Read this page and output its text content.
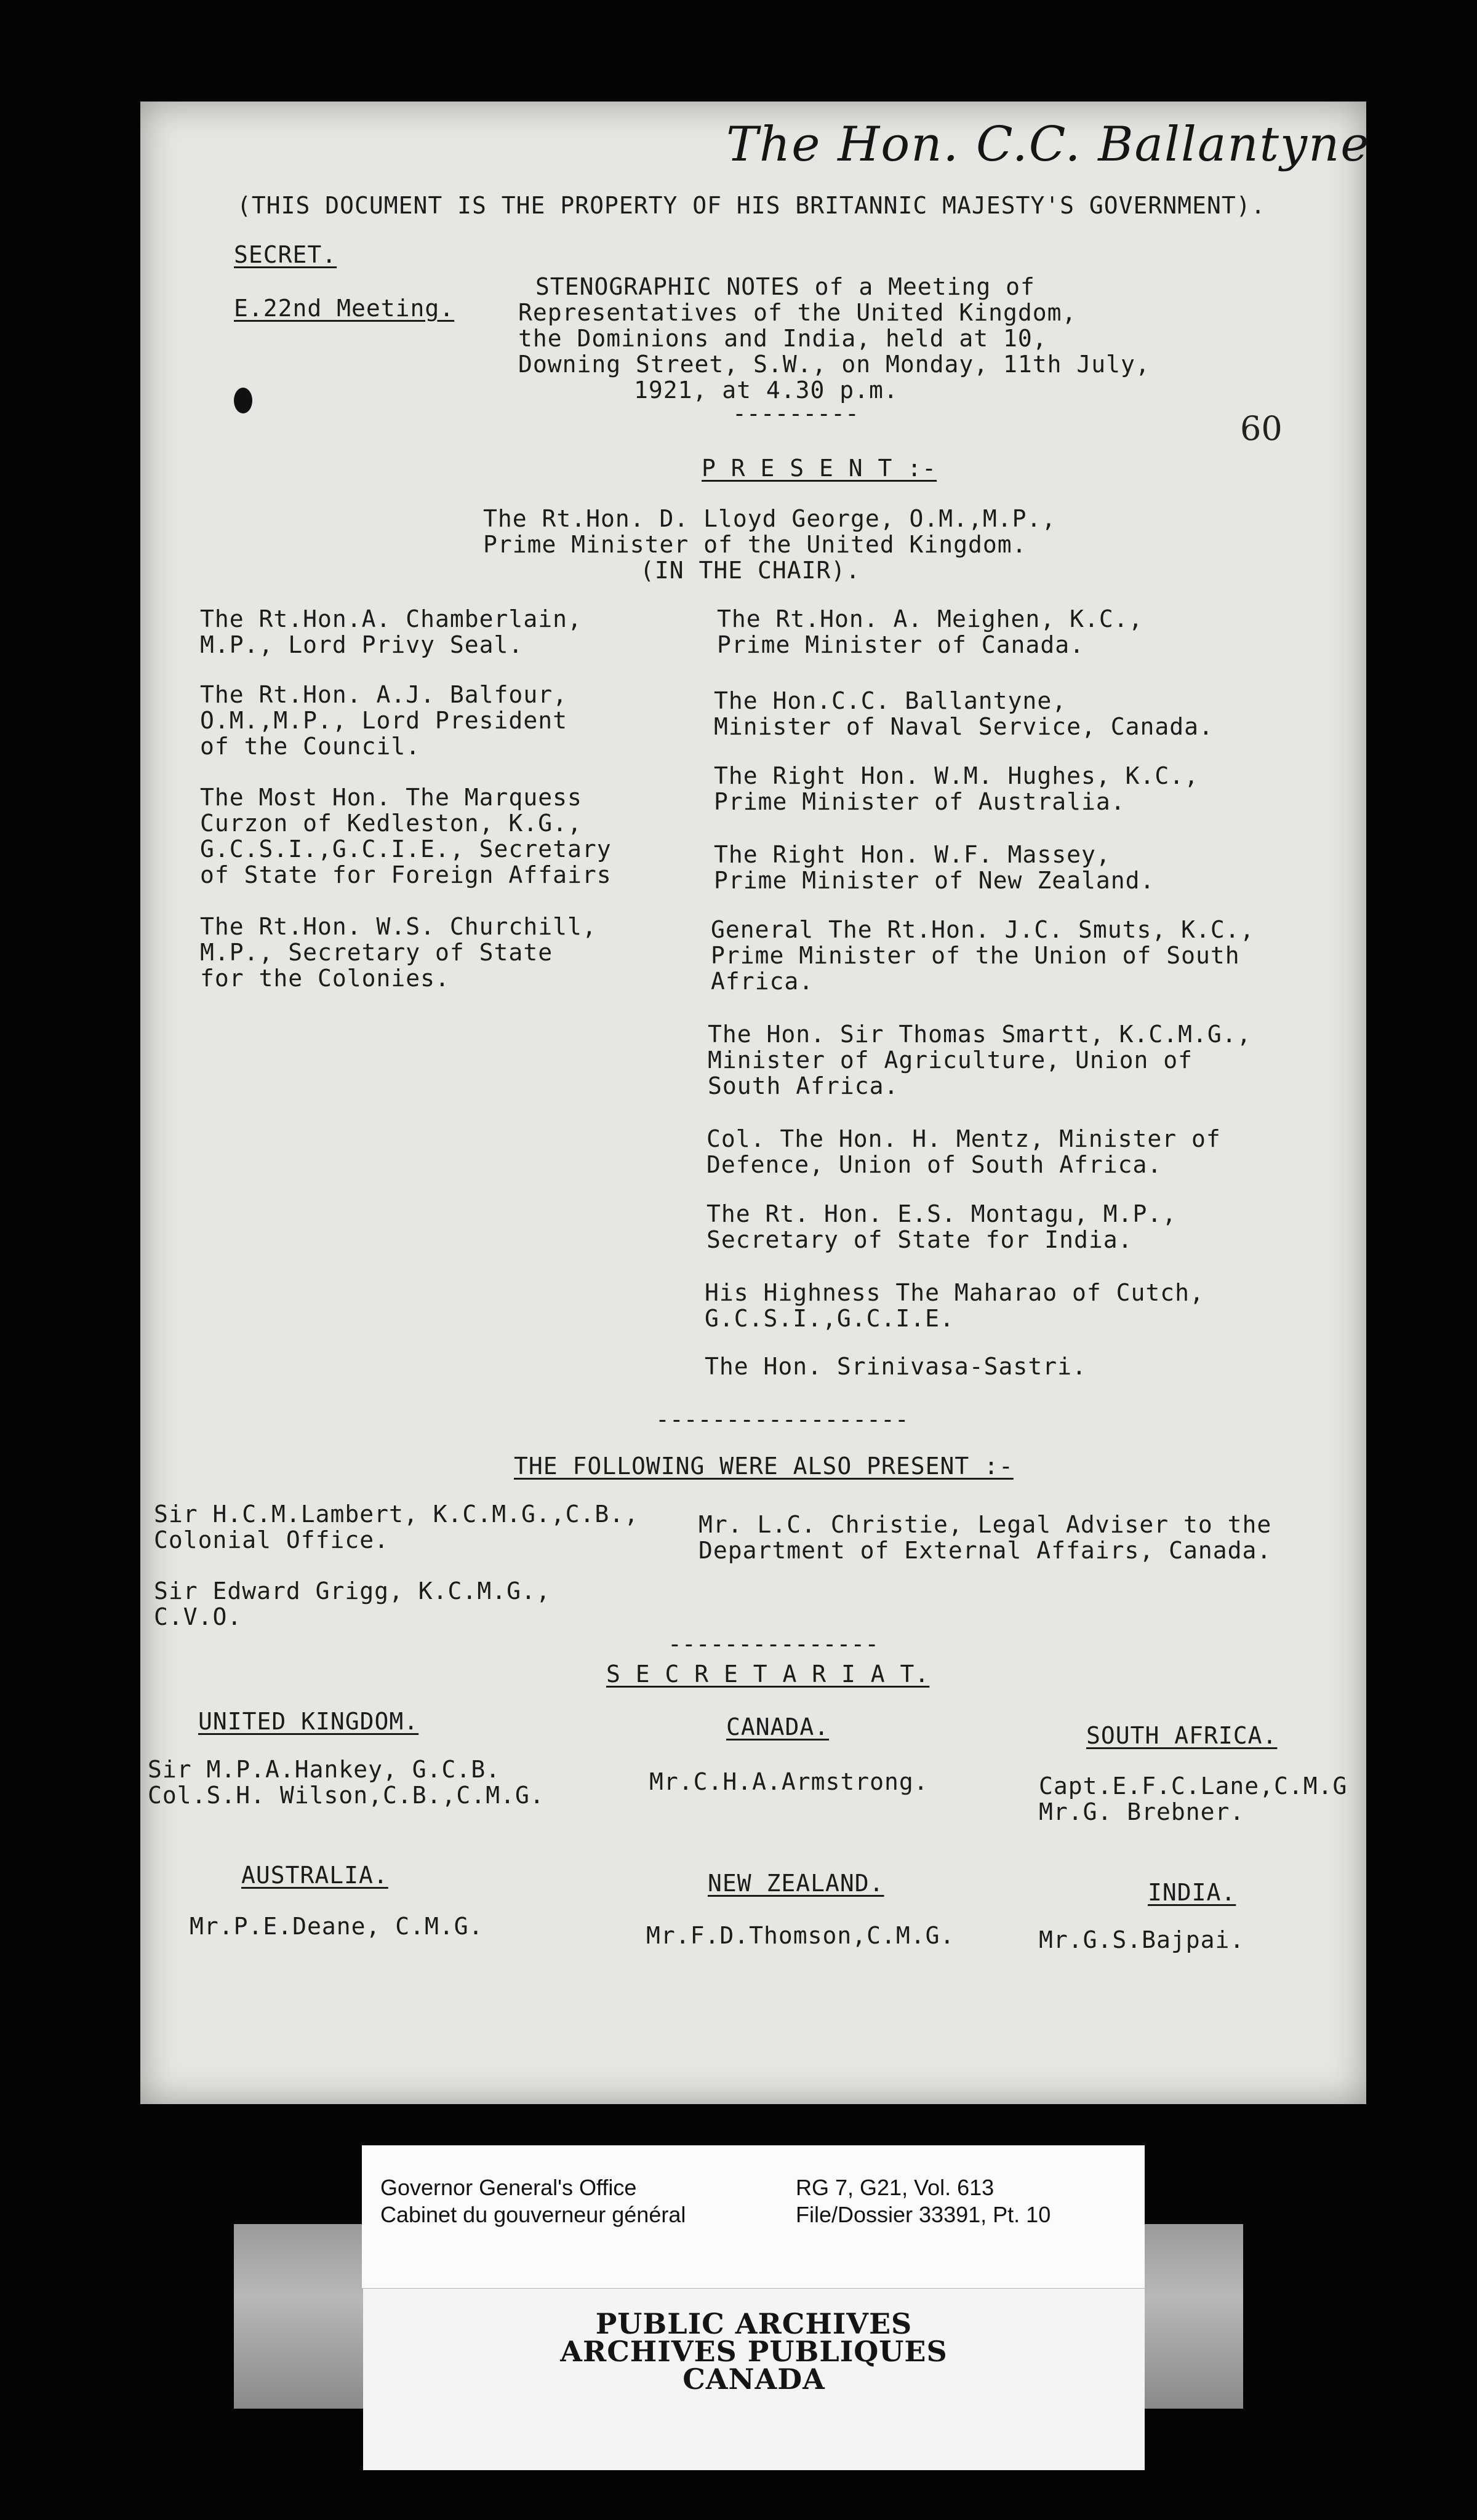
The Hon. C.C. Ballantyne
(THIS DOCUMENT IS THE PROPERTY OF HIS BRITANNIC MAJESTY'S GOVERNMENT).
SECRET.
E.22nd Meeting.
STENOGRAPHIC NOTES of a Meeting of
Representatives of the United Kingdom,
the Dominions and India, held at 10,
Downing Street, S.W., on Monday, 11th July,
1921, at 4.30 p.m.
---------	60
P R E S E N T :-
The Rt.Hon. D. Lloyd George, O.M.,M.P.,
Prime Minister of the United Kingdom.
(IN THE CHAIR).
The Rt.Hon.A. Chamberlain,
M.P., Lord Privy Seal.
The Rt.Hon. A.J. Balfour,
O.M.,M.P., Lord President
of the Council.
The Most Hon. The Marquess
Curzon of Kedleston, K.G.,
G.C.S.I.,G.C.I.E., Secretary
of State for Foreign Affairs
The Rt.Hon. W.S. Churchill,
M.P., Secretary of State
for the Colonies.
The Rt.Hon. A. Meighen, K.C.,
Prime Minister of Canada.
The Hon.C.C. Ballantyne,
Minister of Naval Service, Canada.
The Right Hon. W.M. Hughes, K.C.,
Prime Minister of Australia.
The Right Hon. W.F. Massey,
Prime Minister of New Zealand.
General The Rt.Hon. J.C. Smuts, K.C.,
Prime Minister of the Union of South
Africa.
The Hon. Sir Thomas Smartt, K.C.M.G.,
Minister of Agriculture, Union of
South Africa.
Col. The Hon. H. Mentz, Minister of
Defence, Union of South Africa.
The Rt. Hon. E.S. Montagu, M.P.,
Secretary of State for India.
His Highness The Maharao of Cutch,
G.C.S.I.,G.C.I.E.
The Hon. Srinivasa-Sastri.
------------------
THE FOLLOWING WERE ALSO PRESENT :-
Sir H.C.M.Lambert, K.C.M.G.,C.B.,
Colonial Office.
Sir Edward Grigg, K.C.M.G.,
C.V.O.
Mr. L.C. Christie, Legal Adviser to the
Department of External Affairs, Canada.
---------------
S E C R E T A R I A T.
UNITED KINGDOM.
Sir M.P.A.Hankey, G.C.B.
Col.S.H. Wilson,C.B.,C.M.G.
CANADA.
Mr.C.H.A.Armstrong.
SOUTH AFRICA.
Capt.E.F.C.Lane,C.M.G
Mr.G. Brebner.
AUSTRALIA.
Mr.P.E.Deane, C.M.G.
NEW ZEALAND.
Mr.F.D.Thomson,C.M.G.
INDIA.
Mr.G.S.Bajpai.
Governor General's Office
Cabinet du gouverneur général
RG 7, G21, Vol. 613
File/Dossier 33391, Pt. 10
PUBLIC ARCHIVES
ARCHIVES PUBLIQUES
CANADA
